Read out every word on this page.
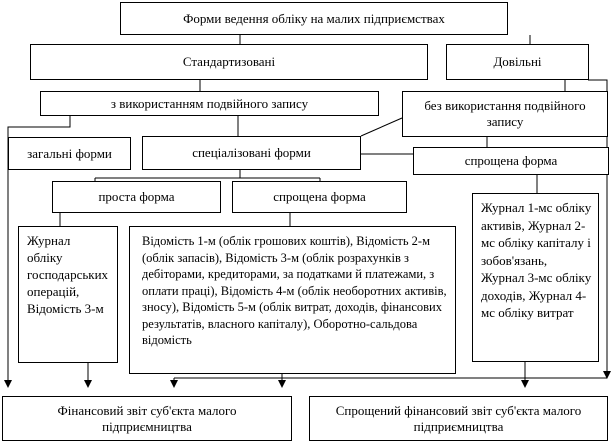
Форми ведення обліку на малих підприємствах
Стандартизовані	Довільні
з використанням подвійного запису	без використання подвійного запису
загальні форми	спеціалізовані форми
спрощена форма
проста форма	спрощена форма
Журнал обліку господарських операцій, Відомість 3-м
Відомість 1-м (облік грошових коштів), Відомість 2-м (облік запасів), Відомість 3-м (облік розрахунків з дебіторами, кредиторами, за податками й платежами, з оплати праці), Відомість 4-м (облік необоротних активів, зносу), Відомість 5-м (облік витрат, доходів, фінансових результатів, власного капіталу), Оборотно-сальдова відомість
Журнал 1-мс обліку активів, Журнал 2-мс обліку капіталу і зобов'язань, Журнал 3-мс обліку доходів, Журнал 4-мс обліку витрат
Фінансовий звіт суб'єкта малого підприємництва
Спрощений фінансовий звіт суб'єкта малого підприємництва
